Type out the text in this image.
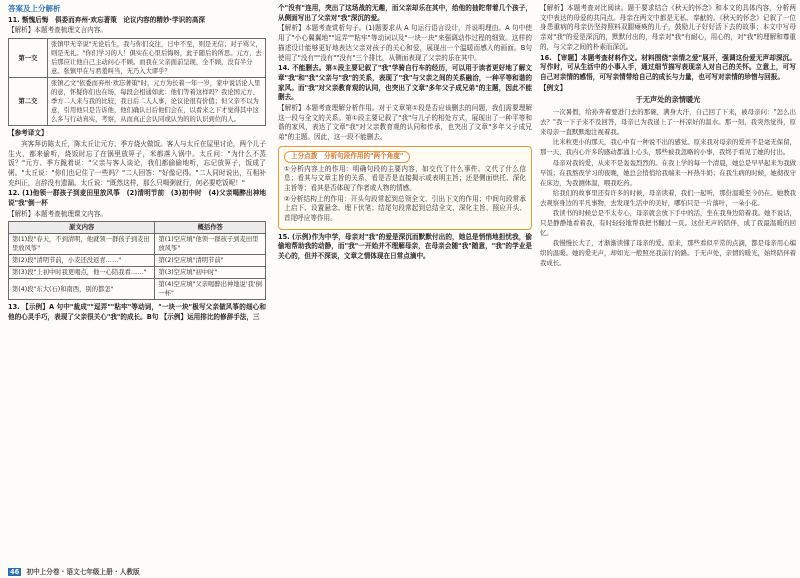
答案及上分解析

11. 惭愧后悔　俱委而弃州·欢忘著策　论议内容的精妙·学识的高深

【解析】本题考查梳理文言内容。

第一交	张镇甲无辛说"无论后生，我与你们交往，日中不至，则是无信；对子骂父，则是无礼。"你们学习的人！俱实在心里后悔呀，此子随后的所思。元方，去后那应让他自己主动问心不顾。而我在父亲面前呈现，全不顾，没有半分意。张镇甲在与君羞叫当，无乃入大谬乎？
第二交	张镇乙文"依委而弃州·欢忘著策"时，元方为长着一年一岁，家中说话论人里的意，怀疑你们也在场，每段会相通如此：他们等着这样吗？我论国元方、季方二人来与我的比较，我日后二人人事，论议论很有价值；但父亲不以为意，引用他只是告诉他，他们确认日后他们会在，以看来之下才觉得其中这么多与行动真实，考察，从而真正会认同或认为的的认识到位的人。

【参考译文】

宾客拜访陈太丘，陈太丘让元方、季方烧火做饭。客人与太丘在屋里讨论，两个儿子生火，都来偷听，烧饭时忘了在锅里放箅子，米都落入锅中。太丘问："为什么不蒸饭？"元方、季方跪着说："父亲与客人谈论，我们都偷偷地听，忘记放箅子，饭成了粥。"太丘说："你们也记住了一些吗？"二人回答："好像记得。"二人同时说出，互相补充纠正，言辞没有遗漏。太丘说："既然这样，那么只喝粥就行，何必要吃饭呢！"

12. (1)他领一群孩子到麦田里放风筝　(2)清明节前　(3)初中时　(4)父亲喝醉出神地说"我"倒一杯

【解析】本题考查梳理课文内容。

原文内容	概括作答
第(1)段"春天，不到清明，他就领一群孩子到麦田里放风筝"	第(1)空应填"他领一群孩子到麦田里放风筝"
第(2)段"清明节前，小麦还没返青……"	第(2)空应填"清明节前"
第(3)段"上初中时我更喝点，他一心陪我看……"	第(3)空应填"初中时"
第(4)段"东大(石)和南西，别的都怎"	第(4)空应填"父亲喝醉出神地说'我'倒一杯"

13. 【示例】A 句中"裁成""逗弄""粘牢"等动词，"一块一块"极写父亲做风筝的细心和他的心灵手巧，表现了父亲很关心"我"的成长。B句 【示例】运用排比的修辞手法，三

个"没有"连用，突出了这场战的无趣，而父亲却乐在其中，给他的抽陀带着几个孩子，从侧面写出了父亲对"我"深沉的爱。

【解析】本题考查赏析句子。(1)题要求从 A 句运行语言设计，并说明理由。A 句中使用了"小心翼翼地""逗弄""粘牢"等动词以及"一块一块"来强调动作过程的细致。这样的描述设计能够更好地表达父亲对孩子的关心和爱，展现出一个温暖而感人的画面。B句使用了"没有""没有""没有"三个排比，从侧面表现了父亲的乐在其中。

14. 不能删去。第①段主要记叙了"我"学骑自行车的经历，可以用于读者更好地了解文章"我"和"我"父亲与"我"的关系，表现了"我"与父亲之间的关系融洽，一种平等和谐的家风。而"我"对父亲教育观的认同，也突出了文章"多年父子成兄弟"的主题，因此不能删去。

【解析】本题考查理解分析作用。对于文章第①段是否应该删去的问题，我们需要理解这一段与全文的关系。第①段主要记叙了"我"与儿子的相处方式，展现出了一种平等和谐的家风，表达了文章"我"对父亲教育观的认同和传承，也突出了文章"多年父子成兄弟"的主题。因此，这一段不能删去。

上分点拨　分析句段作用的"两个角度"

①分析内容上的作用：明确句段的主要内容，如交代了什么事件、文代了什么信息；看其与文章主旨的关系，看是否是直接揭示或表明主旨；还是侧面烘托、深化主旨等；看其是否体现了作者或人物的情感。

②分析结构上的作用：开头句段常起到总领全文、引出下文的作用；中间句段常承上启下、设置悬念、埋下伏笔；结尾句段常起到总结全文、深化主旨、照应开头、首尾呼应等作用。

15. (示例)作为中学，母亲对"我"的爱是深沉而默默付出的，她总是悄悄地担忧我，偷偷地帮助我的动静，而"我"一开始并不理解母亲，在母亲会随"我"随意，"我"的学业是关心的，但并不深谈，文章之情体现在日常点滴中。

【解析】本题考查对比阅读。题干要求结合《秋天的怀念》和本文的具体内容，分析两文中表达的母爱的共同点。母亲在两文中都是无私、奉献的。《秋天的怀念》记叙了一位身患重病的母亲仍坚持照料双腿瘫痪的儿子，鼓励儿子好好活下去的故事；本文中写母亲对"我"的爱是深沉的，默默付出的，母亲对"我"有耐心，用心的，对"我"的理解和尊重的，与父亲之间的朴素而深沉。

16. 【审题】本题考查材料作文。材料围绕"亲情之爱"展开，强调这份爱无声却深沉。写作时，可从生活中的小事入手，通过细节描写表现亲人对自己的关怀。立意上，可写自己对亲情的感悟，可写亲情带给自己的成长与力量，也可写对亲情的珍惜与回报。

【例文】

于无声处的亲情暖光

一次暑假，给孙奔着要进门去的那碗，满身大汗，自己回了下来，被母亲问："怎么出去？"我一下子来不及回答，母亲已为我递上了一杯凉好的温水。那一刻，我突然觉得，原来母亲一直默默地注视着我。

比米粒更小的那天，我心中有一种说不出的感觉。原来我对母亲的爱并不是毫无保留，那一天，我内心许多的感动都涌上心头，那些被我忽略的小事，我终于看见了她的付出。

母亲对我的爱，从来不是轰轰烈烈的。在我上学的每一个清晨，她总是早早起来为我做早饭；在我熬夜学习的夜晚，她总会悄悄给我端来一杯热牛奶；在我生病的时候，她彻夜守在床边，为我测体温，喂我吃药。

给我们的故事里还有许多的时候，母亲读着，我们一起听，那份温暖至今仍在。她教我去观察身边的平凡事物，去发现生活中的美好，哪怕只是一片落叶，一朵小花。

我读书的时候总是不太专心，母亲就会放下手中的活，坐在我身边陪着我。她不说话，只是静静地看着我，有时轻轻地帮我把书翻过一页。这份无声的陪伴，成了我最温暖的回忆。

我慢慢长大了，才渐渐读懂了母亲的爱。原来，那些看似平常的点滴，都是母亲用心编织的温暖。她的爱无声，却如光一般照亮我前行的路。于无声处，亲情的暖光，始终陪伴着我成长。

46 初中上分卷 · 语文七年级上册 · 人教版
